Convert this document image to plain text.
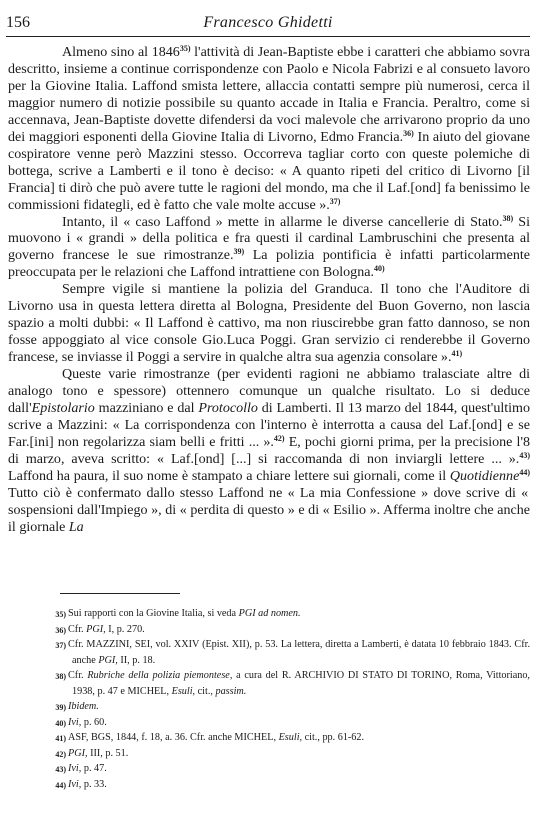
156	Francesco Ghidetti

Almeno sino al 1846$^{35)}$ l'attività di Jean-Baptiste ebbe i caratteri che abbiamo sovra descritto, insieme a continue corrispondenze con Paolo e Nicola Fabrizi e al consueto lavoro per la Giovine Italia. Laffond smista lettere, allaccia contatti sempre più numerosi, cerca il maggior numero di notizie possibile su quanto accade in Italia e Francia. Peraltro, come si accennava, Jean-Baptiste dovette difendersi da voci malevole che arrivarono proprio da uno dei maggiori esponenti della Giovine Italia di Livorno, Edmo Francia.$^{36)}$ In aiuto del giovane cospiratore venne però Mazzini stesso. Occorreva tagliar corto con queste polemiche di bottega, scrive a Lamberti e il tono è deciso: « A quanto ripeti del critico di Livorno [il Francia] ti dirò che può avere tutte le ragioni del mondo, ma che il Laf.[ond] fa benissimo le commissioni fidategli, ed è fatto che vale molte accuse ».$^{37)}$

Intanto, il « caso Laffond » mette in allarme le diverse cancellerie di Stato.$^{38)}$ Si muovono i « grandi » della politica e fra questi il cardinal Lambruschini che presenta al governo francese le sue rimostranze.$^{39)}$ La polizia pontificia è infatti particolarmente preoccupata per le relazioni che Laffond intrattiene con Bologna.$^{40)}$

Sempre vigile si mantiene la polizia del Granduca. Il tono che l'Auditore di Livorno usa in questa lettera diretta al Bologna, Presidente del Buon Governo, non lascia spazio a molti dubbi: « Il Laffond è cattivo, ma non riuscirebbe gran fatto dannoso, se non fosse appoggiato al vice console Gio.Luca Poggi. Gran servizio ci renderebbe il Governo francese, se inviasse il Poggi a servire in qualche altra sua agenzia consolare ».$^{41)}$

Queste varie rimostranze (per evidenti ragioni ne abbiamo tralasciate altre di analogo tono e spessore) ottennero comunque un qualche risultato. Lo si deduce dall'Epistolario mazziniano e dal Protocollo di Lamberti. Il 13 marzo del 1844, quest'ultimo scrive a Mazzini: « La corrispondenza con l'interno è interrotta a causa del Laf.[ond] e se Far.[ini] non regolarizza siam belli e fritti ... ».$^{42)}$ E, pochi giorni prima, per la precisione l'8 di marzo, aveva scritto: « Laf.[ond] [...] si raccomanda di non inviargli lettere ... ».$^{43)}$ Laffond ha paura, il suo nome è stampato a chiare lettere sui giornali, come il Quotidienne$^{44)}$ Tutto ciò è confermato dallo stesso Laffond ne « La mia Confessione » dove scrive di « sospensioni dall'Impiego », di « perdita di questo » e di « Esilio ». Afferma inoltre che anche il giornale La

35) Sui rapporti con la Giovine Italia, si veda PGI ad nomen.

36) Cfr. PGI, I, p. 270.

37) Cfr. MAZZINI, SEI, vol. XXIV (Epist. XII), p. 53. La lettera, diretta a Lamberti, è datata 10 febbraio 1843. Cfr. anche PGI, II, p. 18.

38) Cfr. Rubriche della polizia piemontese, a cura del R. ARCHIVIO DI STATO DI TORINO, Roma, Vittoriano, 1938, p. 47 e MICHEL, Esuli, cit., passim.

39) Ibidem.

40) Ivi, p. 60.

41) ASF, BGS, 1844, f. 18, a. 36. Cfr. anche MICHEL, Esuli, cit., pp. 61-62.

42) PGI, III, p. 51.

43) Ivi, p. 47.

44) Ivi, p. 33.
